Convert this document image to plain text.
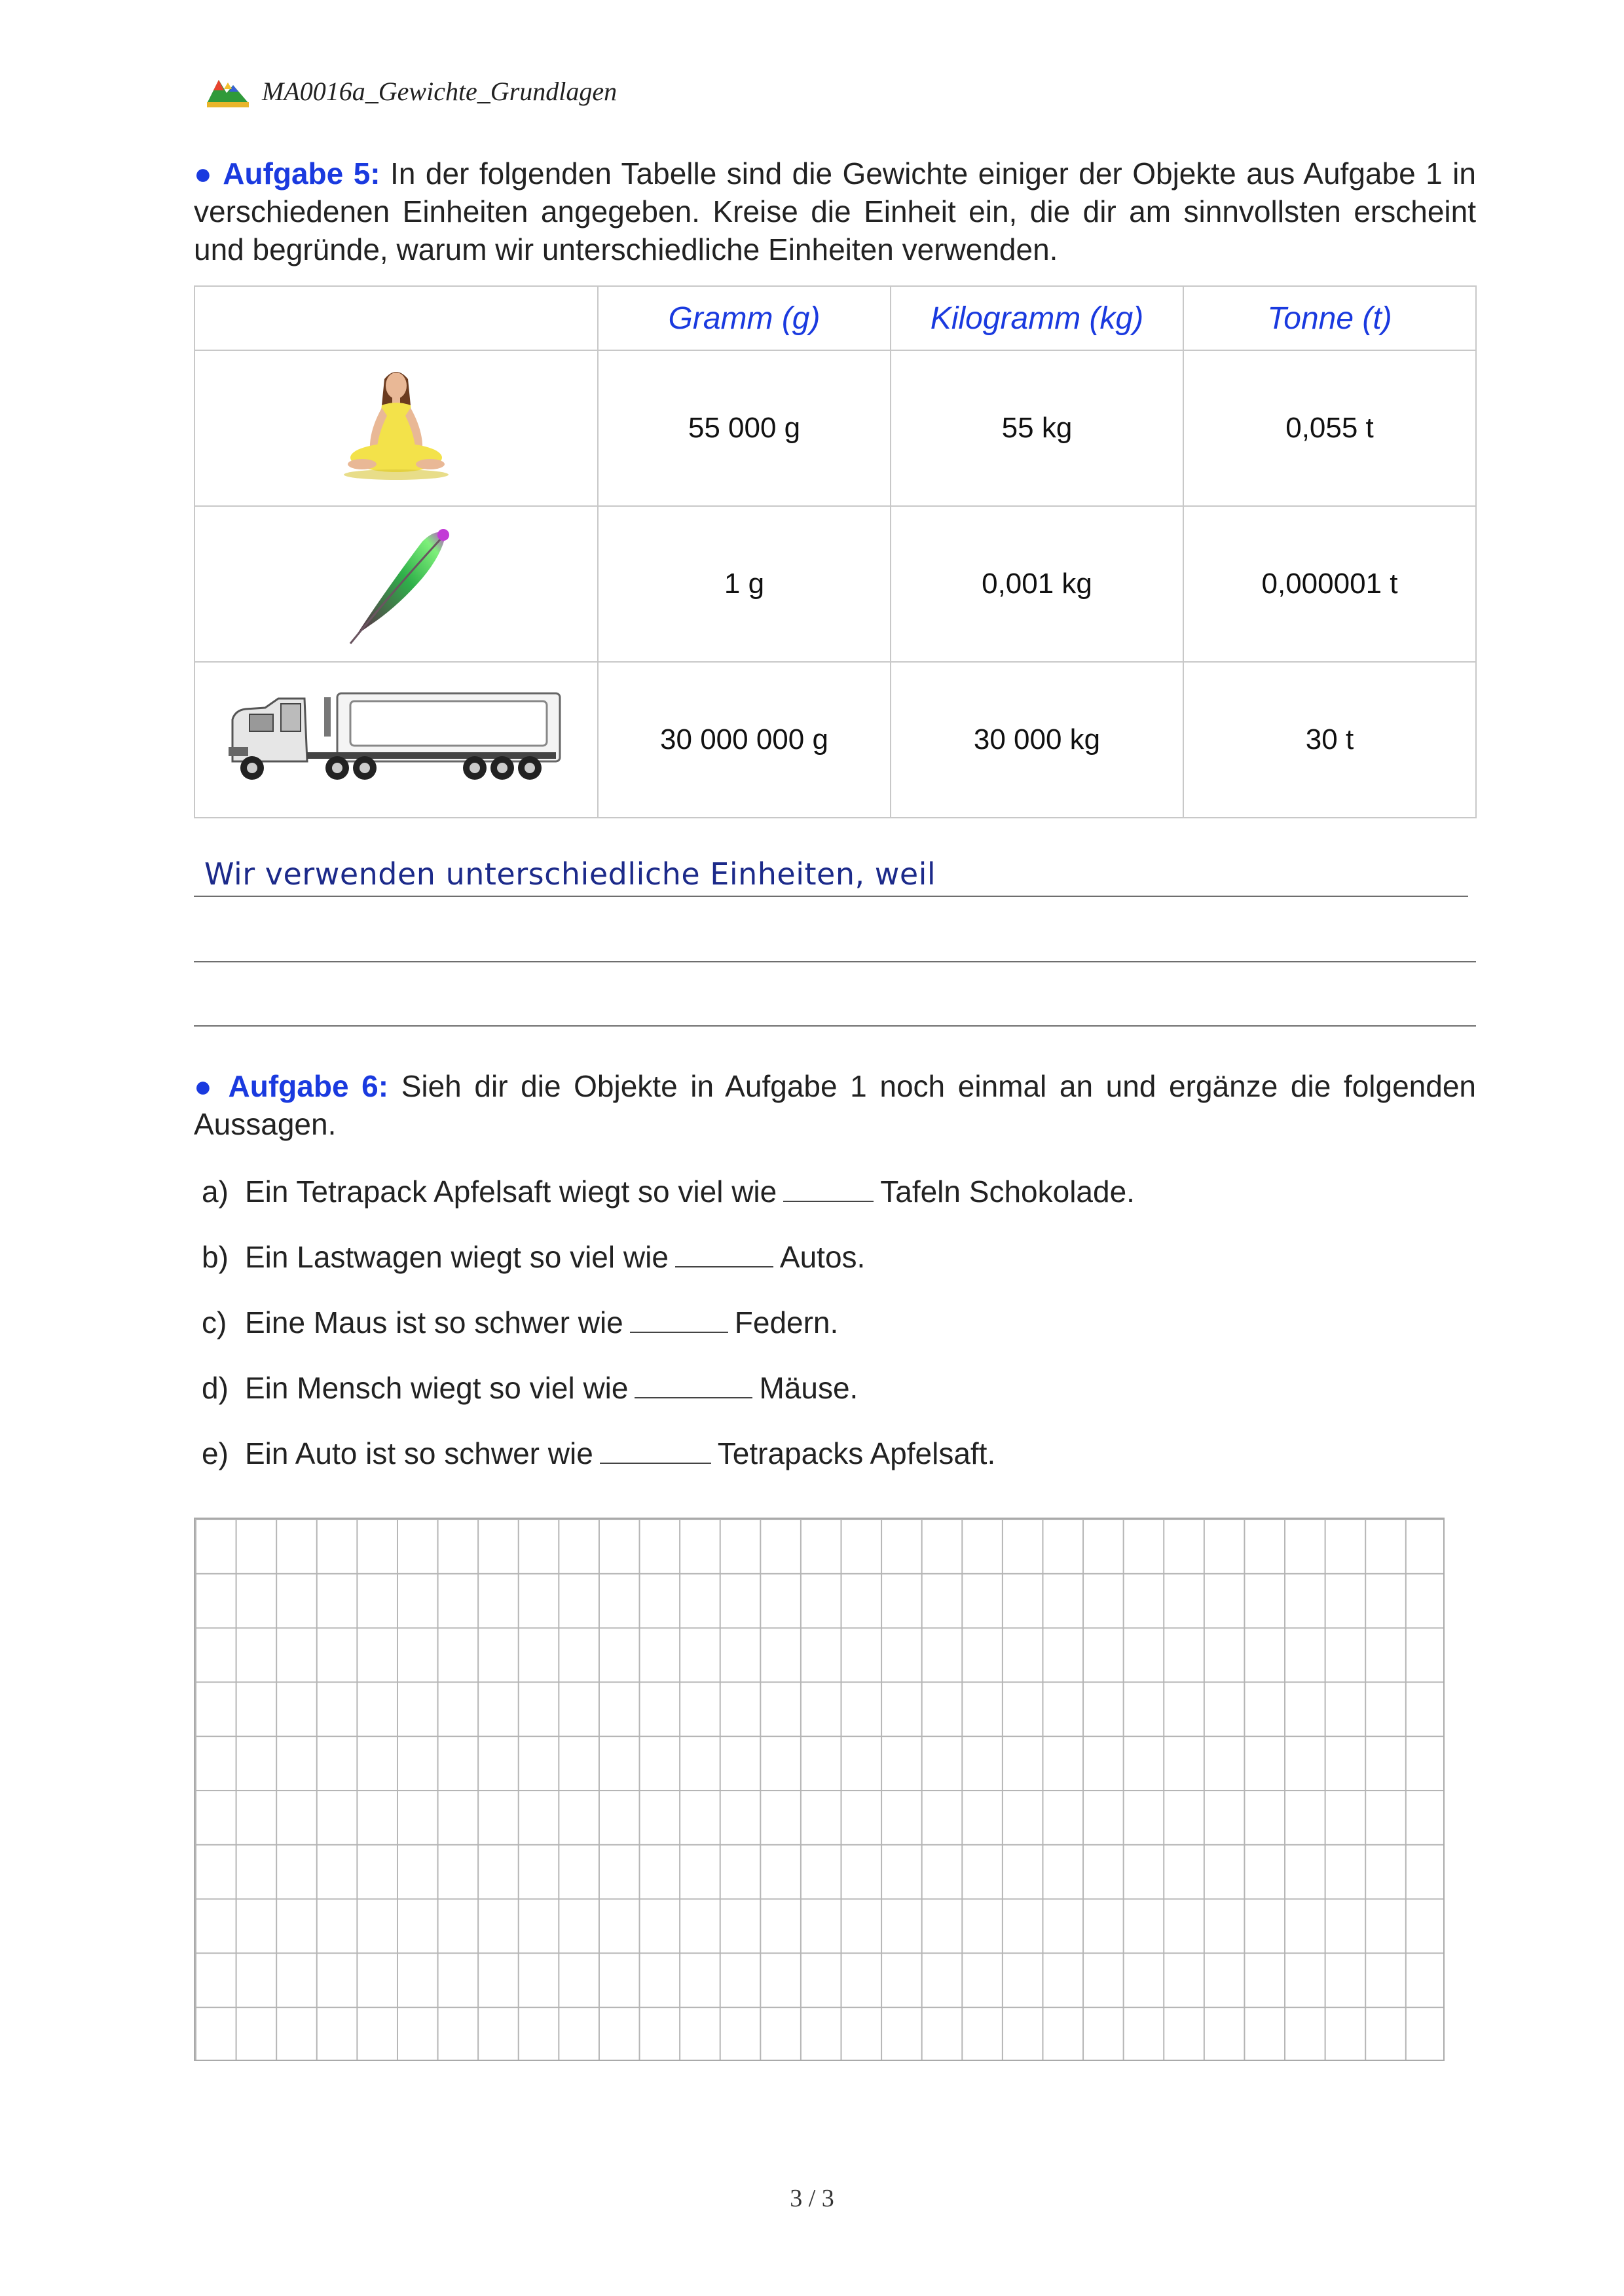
MA0016a_Gewichte_Grundlagen
● Aufgabe 5: In der folgenden Tabelle sind die Gewichte einiger der Objekte aus Aufgabe 1 in verschiedenen Einheiten angegeben. Kreise die Einheit ein, die dir am sinnvollsten erscheint und begründe, warum wir unterschiedliche Einheiten verwenden.
	Gramm (g)	Kilogramm (kg)	Tonne (t)
	55 000 g	55 kg	0,055 t
	1 g	0,001 kg	0,000001 t
	30 000 000 g	30 000 kg	30 t
Wir verwenden unterschiedliche Einheiten, weil
● Aufgabe 6: Sieh dir die Objekte in Aufgabe 1 noch einmal an und ergänze die folgenden Aussagen.
a) Ein Tetrapack Apfelsaft wiegt so viel wie	Tafeln Schokolade.
b) Ein Lastwagen wiegt so viel wie	Autos.
c) Eine Maus ist so schwer wie	Federn.
d) Ein Mensch wiegt so viel wie	Mäuse.
e) Ein Auto ist so schwer wie	Tetrapacks Apfelsaft.
3 / 3
